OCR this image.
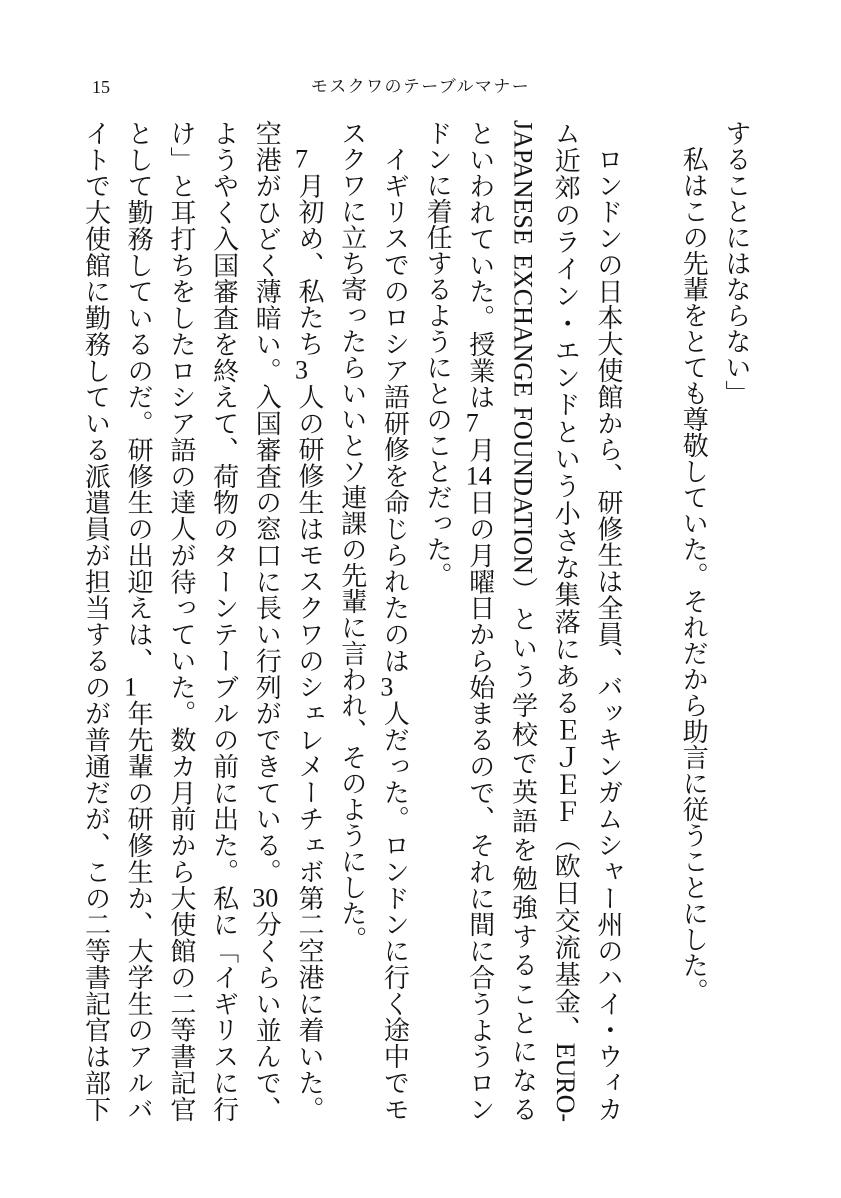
15	モスクワのテーブルマナー
することにはならない」
私はこの先輩をとても尊敬していた。それだから助言に従うことにした。
ロンドンの日本大使館から、研修生は全員、バッキンガムシャー州のハイ・ウィカ
ム近郊のライン・エンドという小さな集落にあるＥＪＥＦ（欧日交流基金、EURO-
JAPANESE EXCHANGE FOUNDATION）という学校で英語を勉強することになる
といわれていた。授業は7月14日の月曜日から始まるので、それに間に合うようロン
ドンに着任するようにとのことだった。
イギリスでのロシア語研修を命じられたのは3人だった。ロンドンに行く途中でモ
スクワに立ち寄ったらいいとソ連課の先輩に言われ、そのようにした。
7月初め、私たち3人の研修生はモスクワのシェレメーチェボ第二空港に着いた。
空港がひどく薄暗い。入国審査の窓口に長い行列ができている。30分くらい並んで、
ようやく入国審査を終えて、荷物のターンテーブルの前に出た。私に「イギリスに行
け」と耳打ちをしたロシア語の達人が待っていた。数カ月前から大使館の二等書記官
として勤務しているのだ。研修生の出迎えは、1年先輩の研修生か、大学生のアルバ
イトで大使館に勤務している派遣員が担当するのが普通だが、この二等書記官は部下
